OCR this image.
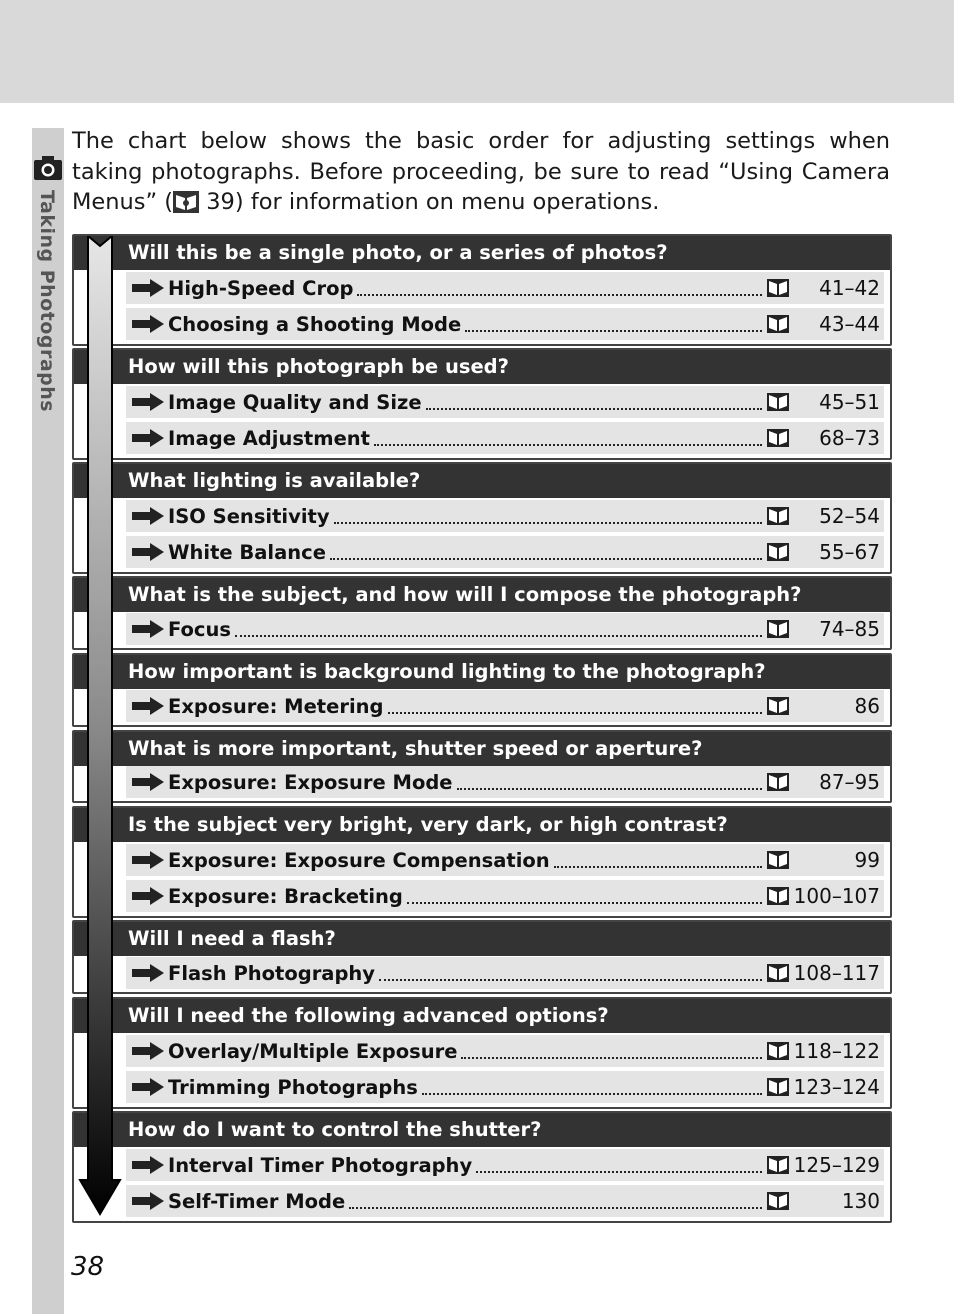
Taking Photographs
The chart below shows the basic order for adjusting settings when taking photographs. Before proceeding, be sure to read “Using Camera Menus” ( 39) for information on menu operations.
Will this be a single photo, or a series of photos?
High-Speed Crop	41–42
Choosing a Shooting Mode	43–44
How will this photograph be used?
Image Quality and Size	45–51
Image Adjustment	68–73
What lighting is available?
ISO Sensitivity	52–54
White Balance	55–67
What is the subject, and how will I compose the photograph?
Focus	74–85
How important is background lighting to the photograph?
Exposure: Metering	86
What is more important, shutter speed or aperture?
Exposure: Exposure Mode	87–95
Is the subject very bright, very dark, or high contrast?
Exposure: Exposure Compensation	99
Exposure: Bracketing	100–107
Will I need a flash?
Flash Photography	108–117
Will I need the following advanced options?
Overlay/Multiple Exposure	118–122
Trimming Photographs	123–124
How do I want to control the shutter?
Interval Timer Photography	125–129
Self-Timer Mode	130
38
